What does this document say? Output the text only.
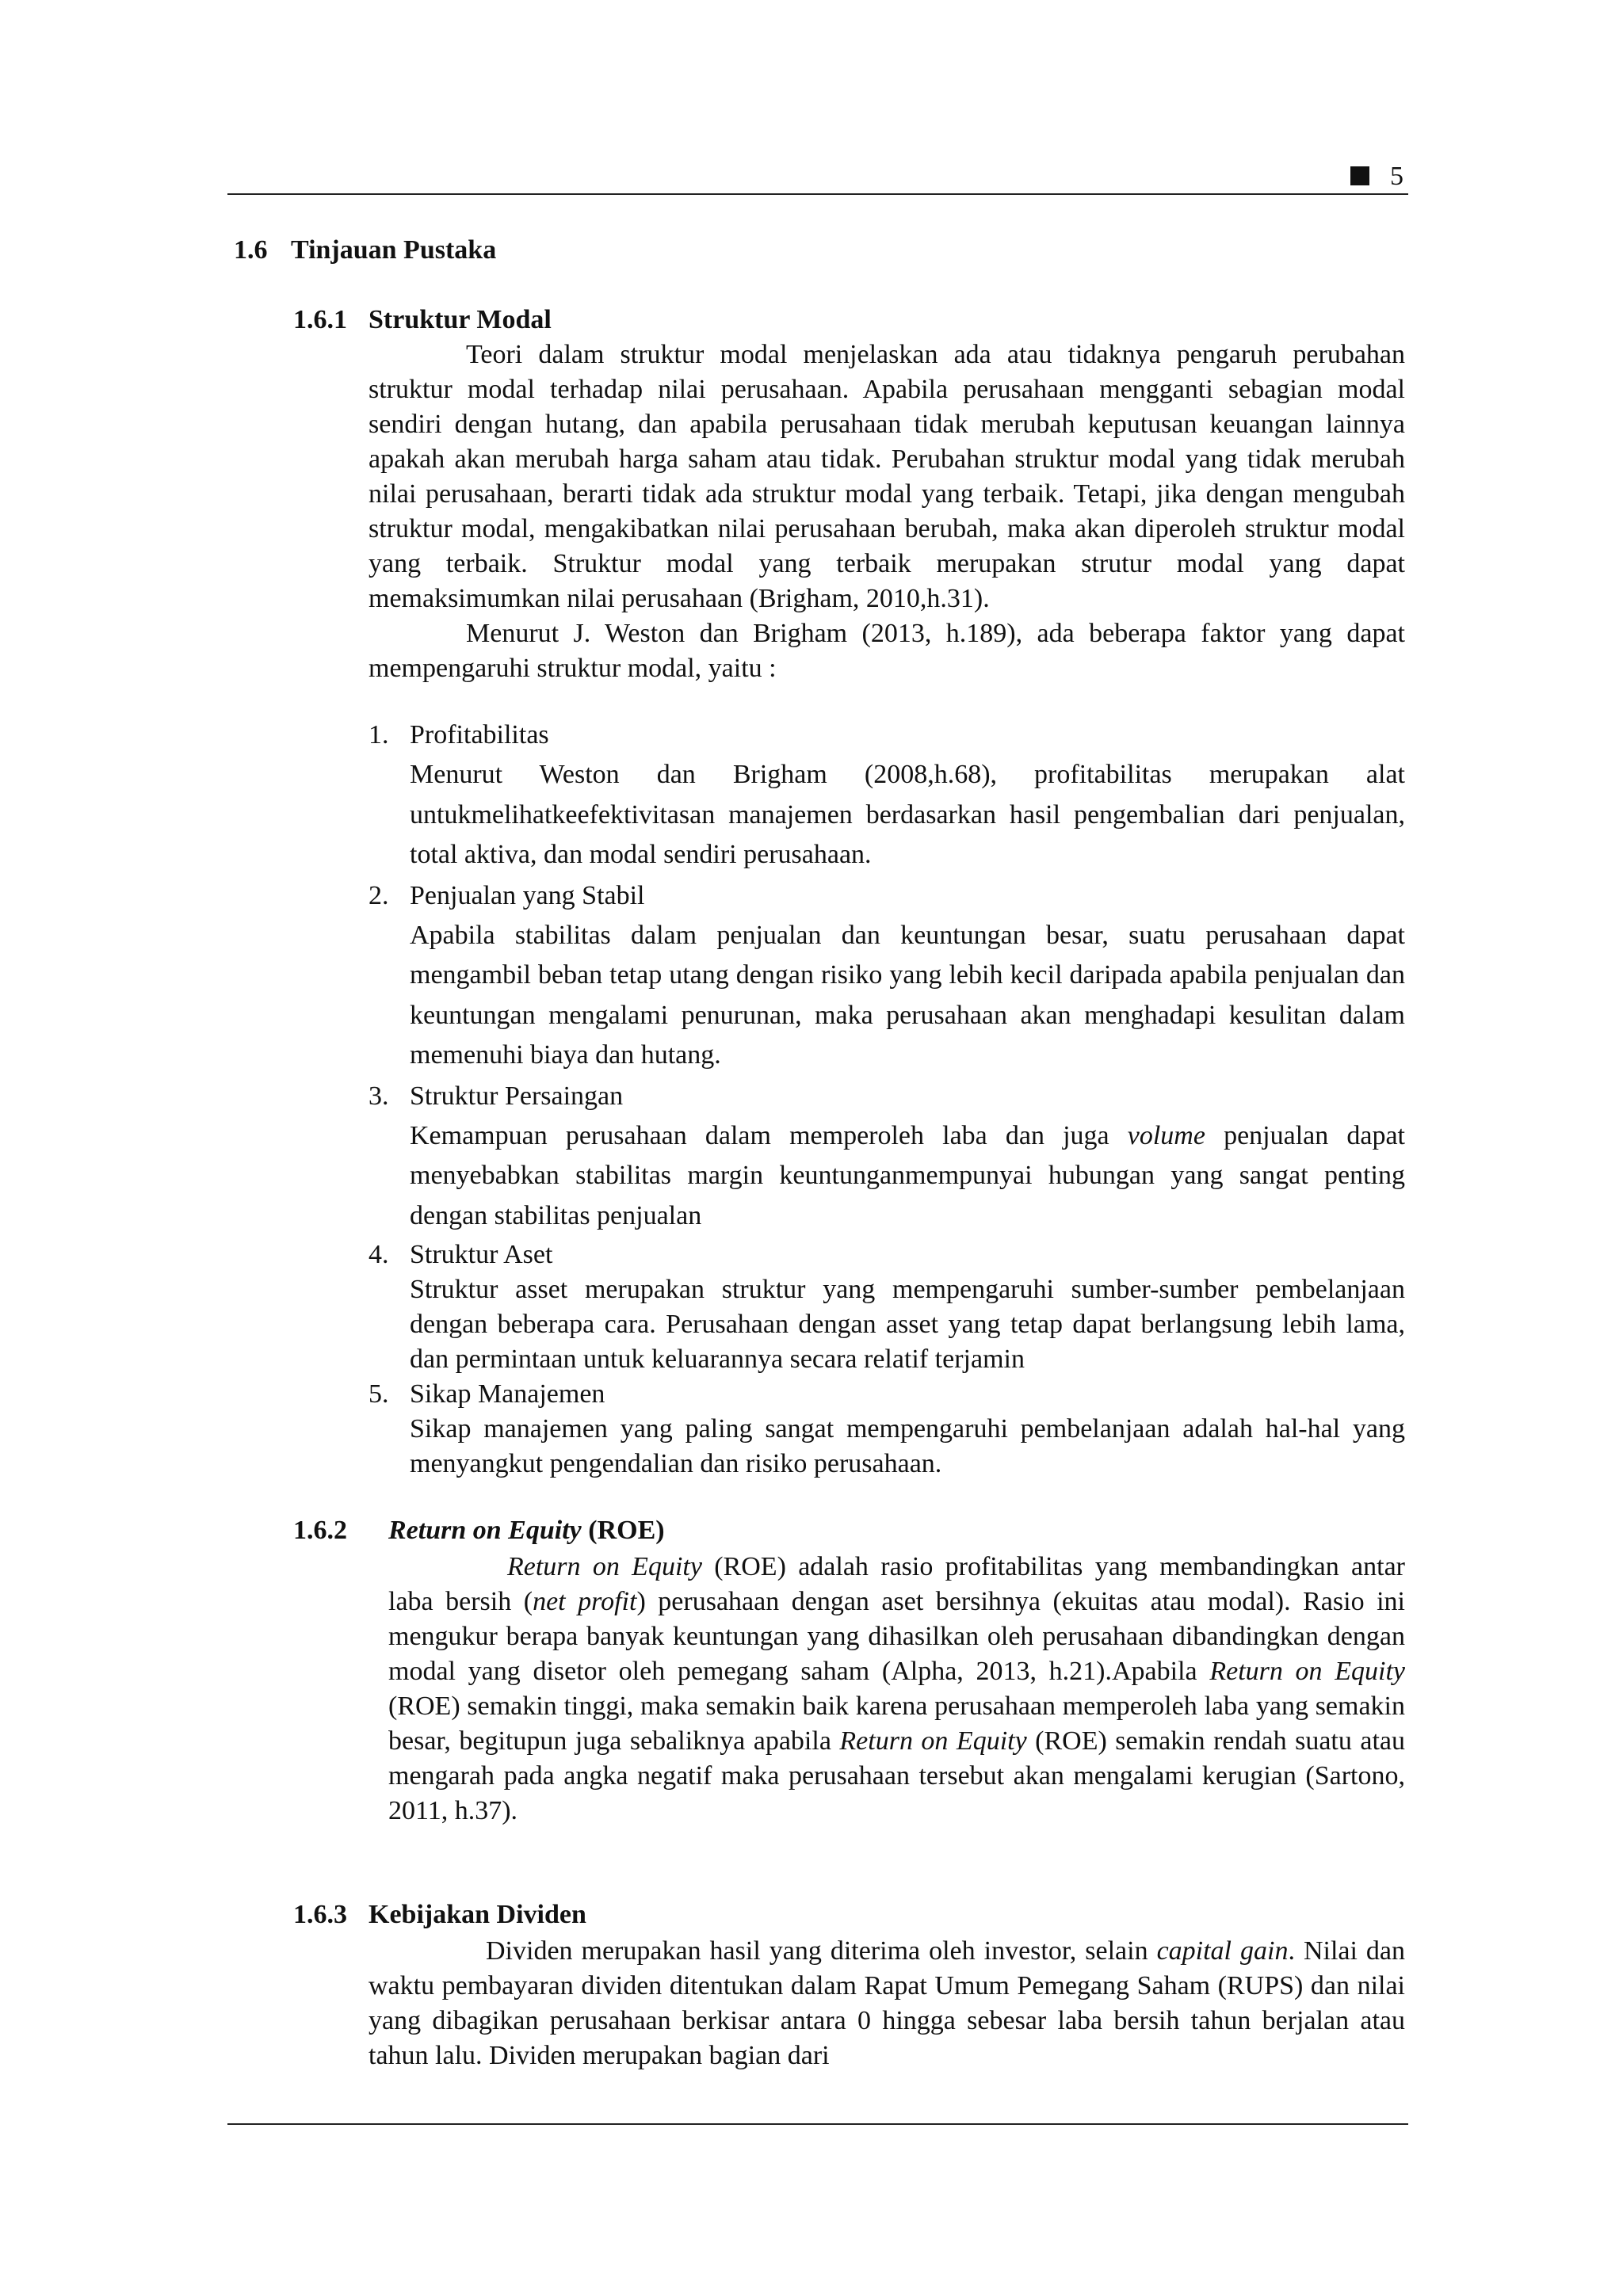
5
1.6 Tinjauan Pustaka
1.6.1 Struktur Modal

Teori dalam struktur modal menjelaskan ada atau tidaknya pengaruh perubahan struktur modal terhadap nilai perusahaan. Apabila perusahaan mengganti sebagian modal sendiri dengan hutang, dan apabila perusahaan tidak merubah keputusan keuangan lainnya apakah akan merubah harga saham atau tidak. Perubahan struktur modal yang tidak merubah nilai perusahaan, berarti tidak ada struktur modal yang terbaik. Tetapi, jika dengan mengubah struktur modal, mengakibatkan nilai perusahaan berubah, maka akan diperoleh struktur modal yang terbaik. Struktur modal yang terbaik merupakan strutur modal yang dapat memaksimumkan nilai perusahaan (Brigham, 2010,h.31).

Menurut J. Weston dan Brigham (2013, h.189), ada beberapa faktor yang dapat mempengaruhi struktur modal, yaitu :

1. Profitabilitas
Menurut Weston dan Brigham (2008,h.68), profitabilitas merupakan alat untukmelihatkeefektivitasan manajemen berdasarkan hasil pengembalian dari penjualan, total aktiva, dan modal sendiri perusahaan.
2. Penjualan yang Stabil
Apabila stabilitas dalam penjualan dan keuntungan besar, suatu perusahaan dapat mengambil beban tetap utang dengan risiko yang lebih kecil daripada apabila penjualan dan keuntungan mengalami penurunan, maka perusahaan akan menghadapi kesulitan dalam memenuhi biaya dan hutang.
3. Struktur Persaingan
Kemampuan perusahaan dalam memperoleh laba dan juga volume penjualan dapat menyebabkan stabilitas margin keuntunganmempunyai hubungan yang sangat penting dengan stabilitas penjualan
4. Struktur Aset
Struktur asset merupakan struktur yang mempengaruhi sumber-sumber pembelanjaan dengan beberapa cara. Perusahaan dengan asset yang tetap dapat berlangsung lebih lama, dan permintaan untuk keluarannya secara relatif terjamin
5. Sikap Manajemen
Sikap manajemen yang paling sangat mempengaruhi pembelanjaan adalah hal-hal yang menyangkut pengendalian dan risiko perusahaan.
1.6.2 Return on Equity (ROE)

Return on Equity (ROE) adalah rasio profitabilitas yang membandingkan antar laba bersih (net profit) perusahaan dengan aset bersihnya (ekuitas atau modal). Rasio ini mengukur berapa banyak keuntungan yang dihasilkan oleh perusahaan dibandingkan dengan modal yang disetor oleh pemegang saham (Alpha, 2013, h.21).Apabila Return on Equity (ROE) semakin tinggi, maka semakin baik karena perusahaan memperoleh laba yang semakin besar, begitupun juga sebaliknya apabila Return on Equity (ROE) semakin rendah suatu atau mengarah pada angka negatif maka perusahaan tersebut akan mengalami kerugian (Sartono, 2011, h.37).

1.6.3 Kebijakan Dividen

Dividen merupakan hasil yang diterima oleh investor, selain capital gain. Nilai dan waktu pembayaran dividen ditentukan dalam Rapat Umum Pemegang Saham (RUPS) dan nilai yang dibagikan perusahaan berkisar antara 0 hingga sebesar laba bersih tahun berjalan atau tahun lalu. Dividen merupakan bagian dari
